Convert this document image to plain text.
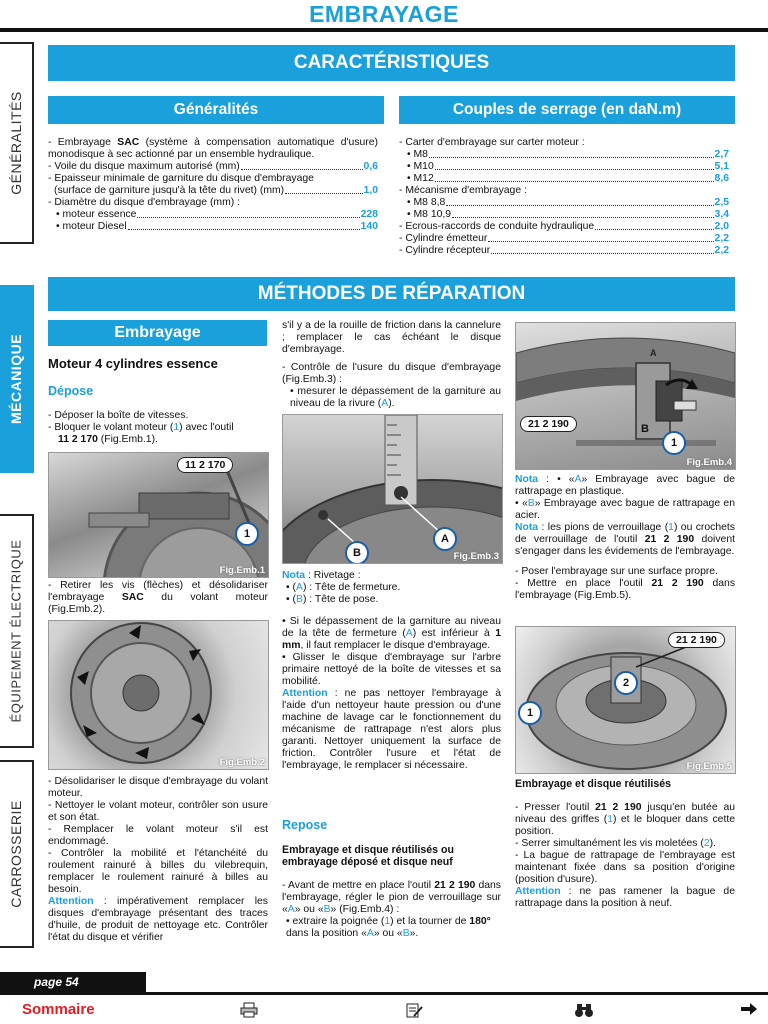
EMBRAYAGE
GÉNÉRALITÉS
MÉCANIQUE
ÉQUIPEMENT ÉLECTRIQUE
CARROSSERIE
CARACTÉRISTIQUES
Généralités

- Embrayage SAC (système à compensation automatique d'usure) monodisque à sec actionné par un ensemble hydraulique.

- Voile du disque maximum autorisé (mm)	0,6

- Epaisseur minimale de garniture du disque d'embrayage

(surface de garniture jusqu'à la tête du rivet) (mm)	1,0

- Diamètre du disque d'embrayage (mm) :

• moteur essence	228
• moteur Diesel	140
Couples de serrage (en daN.m)

- Carter d'embrayage sur carter moteur :

• M8	2,7
• M10	5,1
• M12	8,6

- Mécanisme d'embrayage :

• M8 8,8	2,5
• M8 10,9	3,4
- Ecrous-raccords de conduite hydraulique	2,0
- Cylindre émetteur	2,2
- Cylindre récepteur	2,2
MÉTHODES DE RÉPARATION
Embrayage
Moteur 4 cylindres essence
Dépose

- Déposer la boîte de vitesses.

- Bloquer le volant moteur (1) avec l'outil

11 2 170 (Fig.Emb.1).

11 2 170
1
Fig.Emb.1

- Retirer les vis (flèches) et désolidariser l'embrayage SAC du volant moteur (Fig.Emb.2).

Fig.Emb.2

- Désolidariser le disque d'embrayage du volant moteur.

- Nettoyer le volant moteur, contrôler son usure et son état.

- Remplacer le volant moteur s'il est endommagé.

- Contrôler la mobilité et l'étanchéité du roulement rainuré à billes du vilebrequin, remplacer le roulement rainuré à billes au besoin.

Attention : impérativement remplacer les disques d'embrayage présentant des traces d'huile, de produit de nettoyage etc. Contrôler l'état du disque et vérifier

s'il y a de la rouille de friction dans la cannelure ; remplacer le cas échéant le disque d'embrayage.

- Contrôle de l'usure du disque d'embrayage (Fig.Emb.3) :

• mesurer le dépassement de la garniture au niveau de la rivure (A).

A
B	Fig.Emb.3

Nota : Rivetage :

• (A) : Tête de fermeture.

• (B) : Tête de pose.

• Si le dépassement de la garniture au niveau de la tête de fermeture (A) est inférieur à 1 mm, il faut remplacer le disque d'embrayage.

• Glisser le disque d'embrayage sur l'arbre primaire nettoyé de la boîte de vitesses et sa mobilité.

Attention : ne pas nettoyer l'embrayage à l'aide d'un nettoyeur haute pression ou d'une machine de lavage car le fonctionnement du mécanisme de rattrapage n'est alors plus garanti. Nettoyer uniquement la surface de friction. Contrôler l'usure et l'état de l'embrayage, le remplacer si nécessaire.

Repose

Embrayage et disque réutilisés ou embrayage déposé et disque neuf

- Avant de mettre en place l'outil 21 2 190 dans l'embrayage, régler le pion de verrouillage sur «A» ou «B» (Fig.Emb.4) :

• extraire la poignée (1) et la tourner de 180° dans la position «A» ou «B».

21 2 190	B
A
1
Fig.Emb.4

Nota : • «A» Embrayage avec bague de rattrapage en plastique.

• «B» Embrayage avec bague de rattrapage en acier.

Nota : les pions de verrouillage (1) ou crochets de verrouillage de l'outil 21 2 190 doivent s'engager dans les évidements de l'embrayage.

- Poser l'embrayage sur une surface propre.

- Mettre en place l'outil 21 2 190 dans l'embrayage (Fig.Emb.5).

21 2 190
2
1
Fig.Emb.5

Embrayage et disque réutilisés

- Presser l'outil 21 2 190 jusqu'en butée au niveau des griffes (1) et le bloquer dans cette position.

- Serrer simultanément les vis moletées (2).

- La bague de rattrapage de l'embrayage est maintenant fixée dans sa position d'origine (position d'usure).

Attention : ne pas ramener la bague de rattrapage dans la position à neuf.

page 54
Sommaire
